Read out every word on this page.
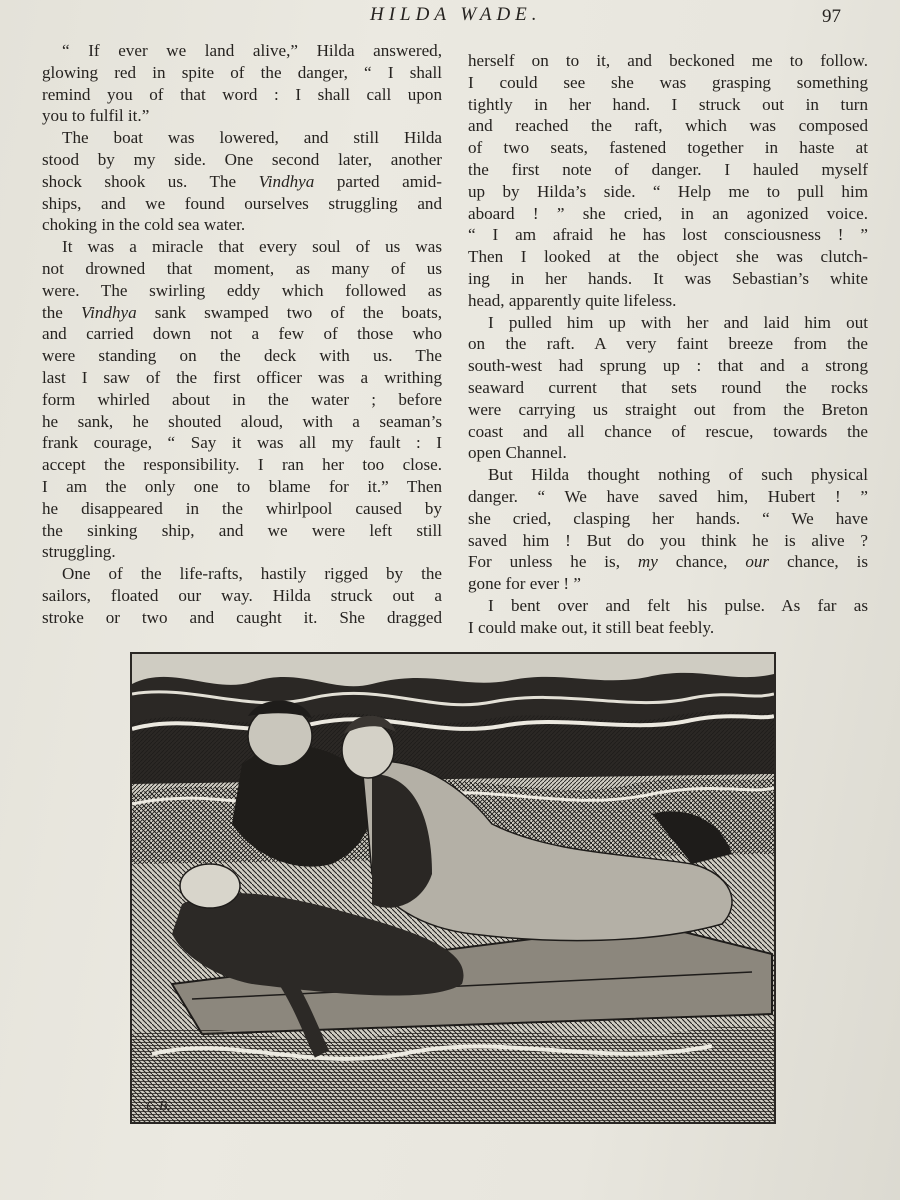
HILDA WADE.	97

“ If ever we land alive,” Hilda answered,

glowing red in spite of the danger, “ I shall

remind you of that word : I shall call upon

you to fulfil it.”

The boat was lowered, and still Hilda

stood by my side. One second later, another

shock shook us. The Vindhya parted amid-

ships, and we found ourselves struggling and

choking in the cold sea water.

It was a miracle that every soul of us was

not drowned that moment, as many of us

were. The swirling eddy which followed as

the Vindhya sank swamped two of the boats,

and carried down not a few of those who

were standing on the deck with us. The

last I saw of the first officer was a writhing

form whirled about in the water ; before

he sank, he shouted aloud, with a seaman’s

frank courage, “ Say it was all my fault : I

accept the responsibility. I ran her too close.

I am the only one to blame for it.” Then

he disappeared in the whirlpool caused by

the sinking ship, and we were left still

struggling.

One of the life-rafts, hastily rigged by the

sailors, floated our way. Hilda struck out a

stroke or two and caught it. She dragged

herself on to it, and beckoned me to follow.

I could see she was grasping something

tightly in her hand. I struck out in turn

and reached the raft, which was composed

of two seats, fastened together in haste at

the first note of danger. I hauled myself

up by Hilda’s side. “ Help me to pull him

aboard ! ” she cried, in an agonized voice.

“ I am afraid he has lost consciousness ! ”

Then I looked at the object she was clutch-

ing in her hands. It was Sebastian’s white

head, apparently quite lifeless.

I pulled him up with her and laid him out

on the raft. A very faint breeze from the

south-west had sprung up : that and a strong

seaward current that sets round the rocks

were carrying us straight out from the Breton

coast and all chance of rescue, towards the

open Channel.

But Hilda thought nothing of such physical

danger. “ We have saved him, Hubert ! ”

she cried, clasping her hands. “ We have

saved him ! But do you think he is alive ?

For unless he is, my chance, our chance, is

gone for ever ! ”

I bent over and felt his pulse. As far as

I could make out, it still beat feebly.

C.B.
